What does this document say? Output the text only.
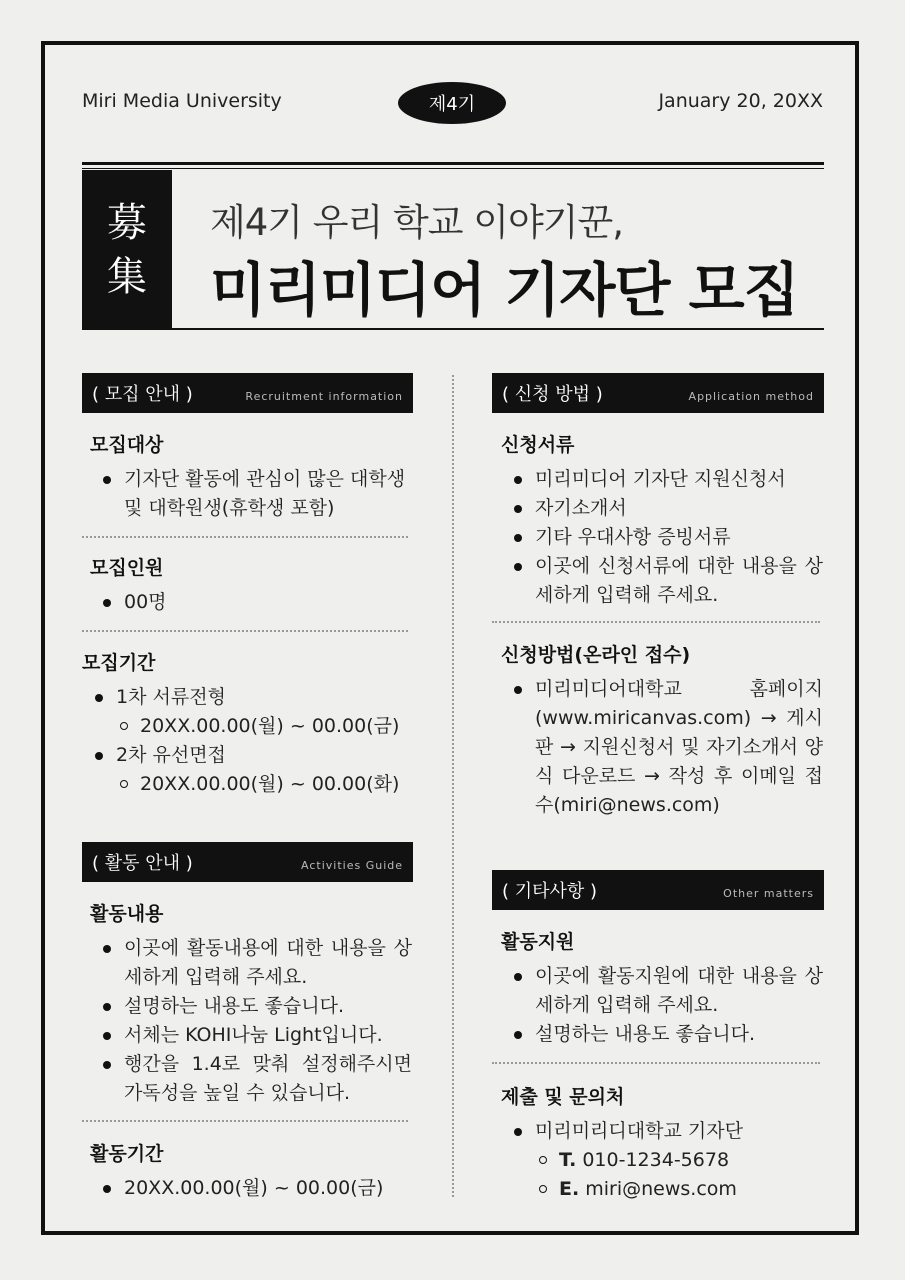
Miri Media University	제4기	January 20, 20XX
募
集
제4기 우리 학교 이야기꾼,
미리미디어 기자단 모집
( 모집 안내 )	Recruitment information
모집대상
기자단 활동에 관심이 많은 대학생 및 대학원생(휴학생 포함)
모집인원
00명
모집기간
1차 서류전형
20XX.00.00(월) ~ 00.00(금)
2차 유선면접
20XX.00.00(월) ~ 00.00(화)
( 활동 안내 )	Activities Guide
활동내용
이곳에 활동내용에 대한 내용을 상세하게 입력해 주세요.
설명하는 내용도 좋습니다.
서체는 KOHI나눔 Light입니다.
행간을 1.4로 맞춰 설정해주시면 가독성을 높일 수 있습니다.
활동기간
20XX.00.00(월) ~ 00.00(금)
( 신청 방법 )	Application method
신청서류
미리미디어 기자단 지원신청서
자기소개서
기타 우대사항 증빙서류
이곳에 신청서류에 대한 내용을 상세하게 입력해 주세요.
신청방법(온라인 접수)
미리미디어대학교 홈페이지 (www.miricanvas.com) → 게시판 → 지원신청서 및 자기소개서 양식 다운로드 → 작성 후 이메일 접수(miri@news.com)
( 기타사항 )	Other matters
활동지원
이곳에 활동지원에 대한 내용을 상세하게 입력해 주세요.
설명하는 내용도 좋습니다.
제출 및 문의처
미리미리디대학교 기자단
T. 010-1234-5678
E. miri@news.com
